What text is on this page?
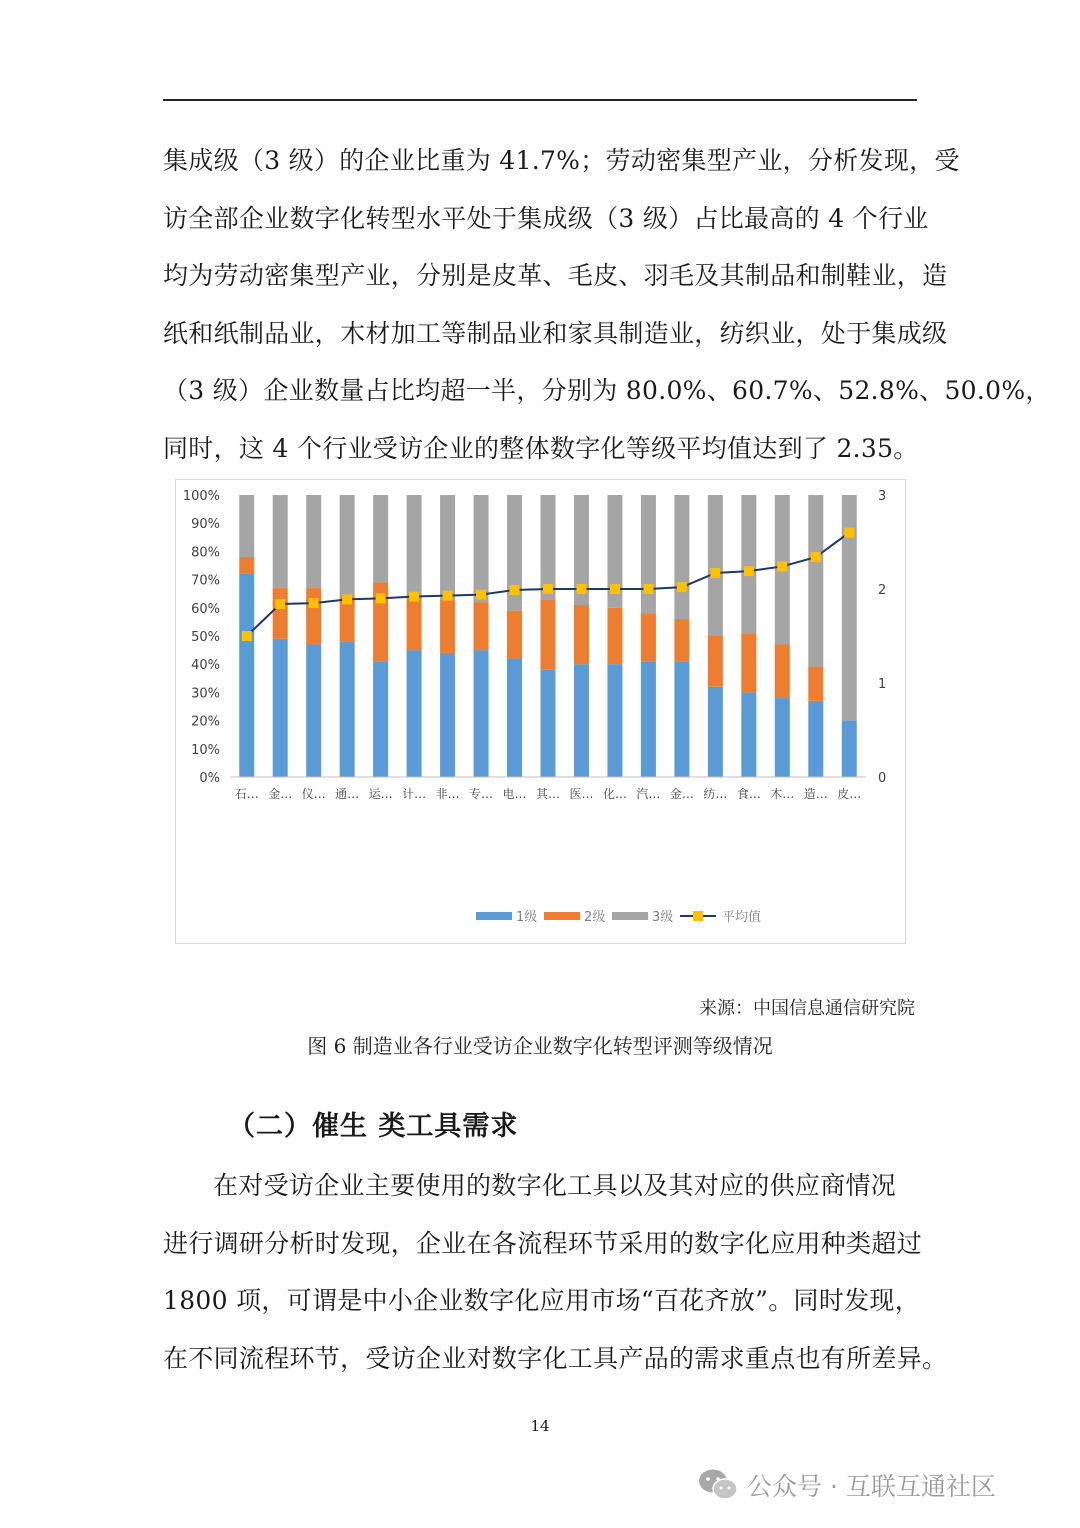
集成级（3 级）的企业比重为 41.7%；劳动密集型产业，分析发现，受
访全部企业数字化转型水平处于集成级（3 级）占比最高的 4 个行业
均为劳动密集型产业，分别是皮革、毛皮、羽毛及其制品和制鞋业，造
纸和纸制品业，木材加工等制品业和家具制造业，纺织业，处于集成级
（3 级）企业数量占比均超一半，分别为 80.0%、60.7%、52.8%、50.0%，
同时，这 4 个行业受访企业的整体数字化等级平均值达到了 2.35。
0%
10%
20%
30%
40%
50%
60%
70%
80%
90%
100%
0
1
2
3
石… 金… 仪… 通… 运… 计… 非… 专… 电… 其… 医… 化… 汽… 金… 纺… 食… 木… 造… 皮…
1级	2级	3级	平均值
来源：中国信息通信研究院
图 6 制造业各行业受访企业数字化转型评测等级情况
（二）催生 类工具需求
在对受访企业主要使用的数字化工具以及其对应的供应商情况
进行调研分析时发现，企业在各流程环节采用的数字化应用种类超过
1800 项，可谓是中小企业数字化应用市场“百花齐放”。同时发现，
在不同流程环节，受访企业对数字化工具产品的需求重点也有所差异。
14
公众号 · 互联互通社区
